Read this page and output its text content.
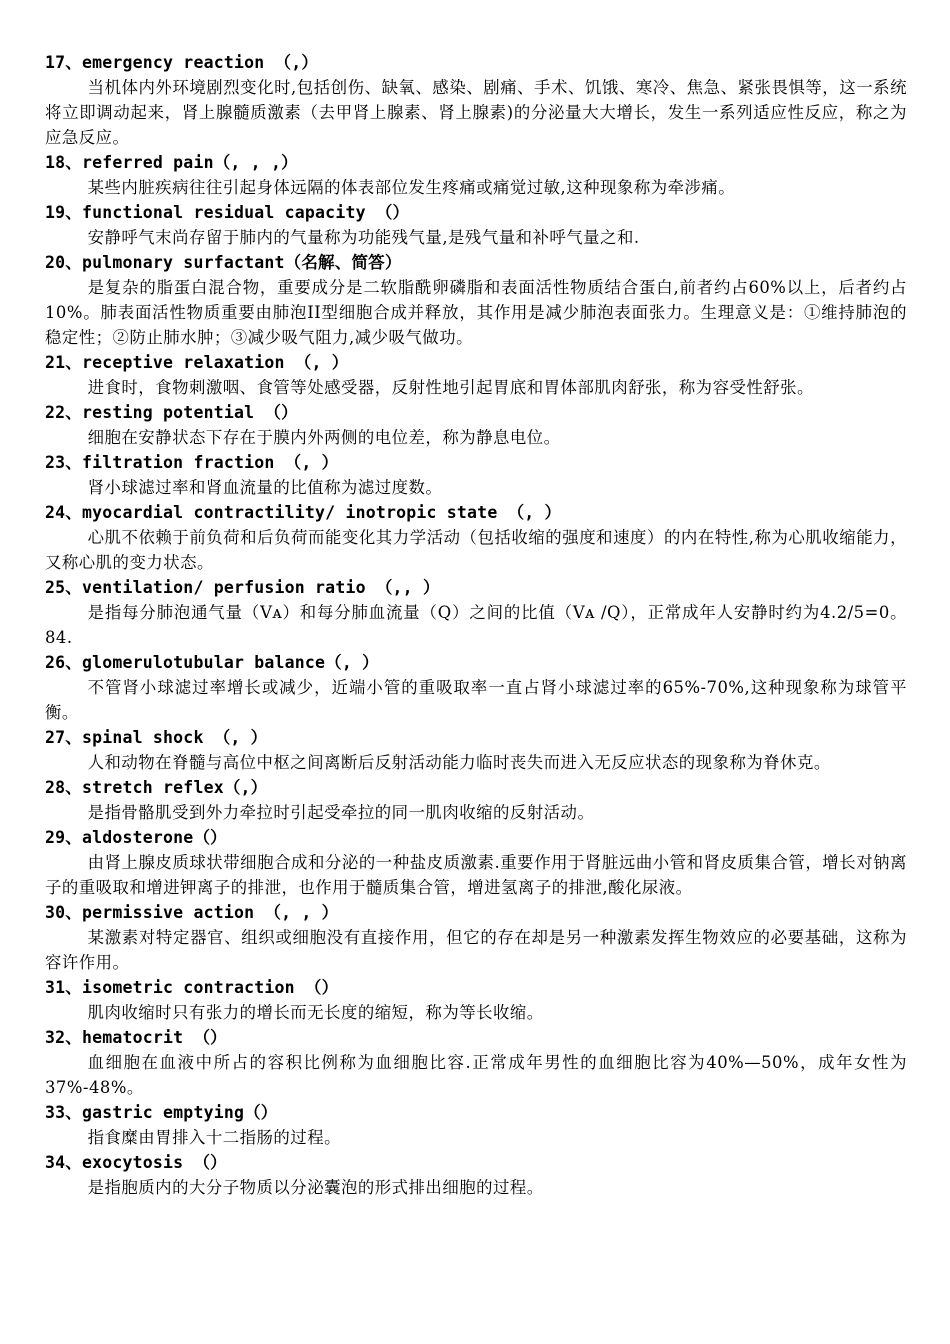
17、emergency reaction （,）

当机体内外环境剧烈变化时,包括创伤、缺氧、感染、剧痛、手术、饥饿、寒冷、焦急、紧张畏惧等，这一系统将立即调动起来，肾上腺髓质激素（去甲肾上腺素、肾上腺素)的分泌量大大增长，发生一系列适应性反应，称之为应急反应。

18、referred pain（, , ,）

某些内脏疾病往往引起身体远隔的体表部位发生疼痛或痛觉过敏,这种现象称为牵涉痛。

19、functional residual capacity （）

安静呼气末尚存留于肺内的气量称为功能残气量,是残气量和补呼气量之和.

20、pulmonary surfactant（名解、简答）

是复杂的脂蛋白混合物，重要成分是二软脂酰卵磷脂和表面活性物质结合蛋白,前者约占60%以上，后者约占10%。肺表面活性物质重要由肺泡II型细胞合成并释放，其作用是减少肺泡表面张力。生理意义是：①维持肺泡的稳定性；②防止肺水肿；③减少吸气阻力,减少吸气做功。

21、receptive relaxation （, ）

进食时，食物刺激咽、食管等处感受器，反射性地引起胃底和胃体部肌肉舒张，称为容受性舒张。

22、resting potential （）

细胞在安静状态下存在于膜内外两侧的电位差，称为静息电位。

23、filtration fraction （, ）

肾小球滤过率和肾血流量的比值称为滤过度数。

24、myocardial contractility/ inotropic state （, ）

心肌不依赖于前负荷和后负荷而能变化其力学活动（包括收缩的强度和速度）的内在特性,称为心肌收缩能力，又称心肌的变力状态。

25、ventilation/ perfusion ratio （,, ）

是指每分肺泡通气量（Vᴀ）和每分肺血流量（Q）之间的比值（Vᴀ /Q），正常成年人安静时约为4.2/5=0。84.

26、glomerulotubular balance（, ）

不管肾小球滤过率增长或减少，近端小管的重吸取率一直占肾小球滤过率的65%-70%,这种现象称为球管平衡。

27、spinal shock （, ）

人和动物在脊髓与高位中枢之间离断后反射活动能力临时丧失而进入无反应状态的现象称为脊休克。

28、stretch reflex（,）

是指骨骼肌受到外力牵拉时引起受牵拉的同一肌肉收缩的反射活动。

29、aldosterone（）

由肾上腺皮质球状带细胞合成和分泌的一种盐皮质激素.重要作用于肾脏远曲小管和肾皮质集合管，增长对钠离子的重吸取和增进钾离子的排泄，也作用于髓质集合管，增进氢离子的排泄,酸化尿液。

30、permissive action （, , ）

某激素对特定器官、组织或细胞没有直接作用，但它的存在却是另一种激素发挥生物效应的必要基础，这称为容许作用。

31、isometric contraction （）

肌肉收缩时只有张力的增长而无长度的缩短，称为等长收缩。

32、hematocrit （）

血细胞在血液中所占的容积比例称为血细胞比容.正常成年男性的血细胞比容为40%—50%，成年女性为37%-48%。

33、gastric emptying（）

指食糜由胃排入十二指肠的过程。

34、exocytosis （）

是指胞质内的大分子物质以分泌囊泡的形式排出细胞的过程。
